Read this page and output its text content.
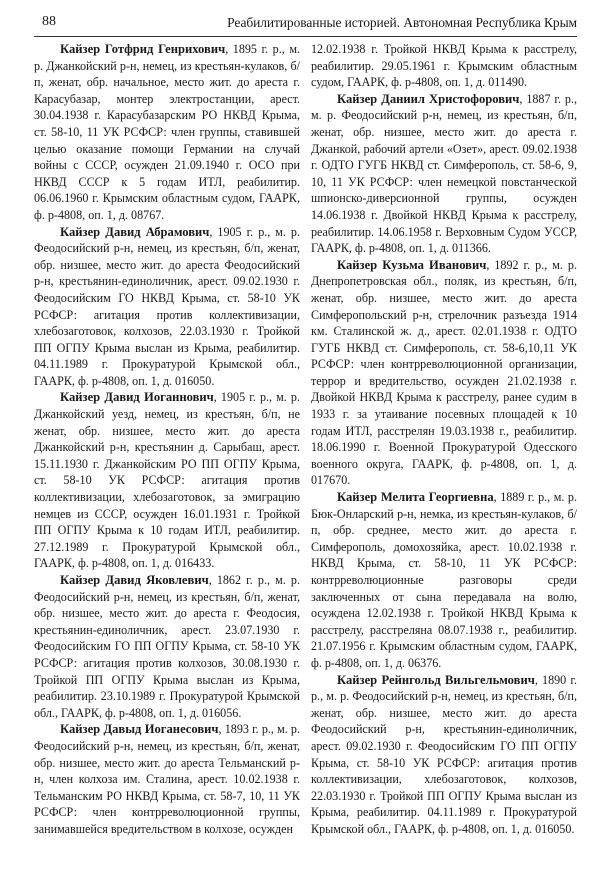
88	Реабилитированные историей. Автономная Республика Крым

Кайзер Готфрид Генрихович, 1895 г. р., м. р. Джанкойский р-н, немец, из крестьян-кулаков, б/п, женат, обр. начальное, место жит. до ареста г. Карасубазар, монтер электростанции, арест. 30.04.1938 г. Карасубазарским РО НКВД Крыма, ст. 58-10, 11 УК РСФСР: член группы, ставившей целью оказание помощи Германии на случай войны с СССР, осужден 21.09.1940 г. ОСО при НКВД СССР к 5 годам ИТЛ, реабилитир. 06.06.1960 г. Крымским областным судом, ГААРК, ф. р-4808, оп. 1, д. 08767.

Кайзер Давид Абрамович, 1905 г. р., м. р. Феодосийский р-н, немец, из крестьян, б/п, женат, обр. низшее, место жит. до ареста Феодосийский р-н, крестьянин-единоличник, арест. 09.02.1930 г. Феодосийским ГО НКВД Крыма, ст. 58-10 УК РСФСР: агитация против коллективизации, хлебозаготовок, колхозов, 22.03.1930 г. Тройкой ПП ОГПУ Крыма выслан из Крыма, реабилитир. 04.11.1989 г. Прокуратурой Крымской обл., ГААРК, ф. р-4808, оп. 1, д. 016050.

Кайзер Давид Иоганнович, 1905 г. р., м. р. Джанкойский уезд, немец, из крестьян, б/п, не женат, обр. низшее, место жит. до ареста Джанкойский р-н, крестьянин д. Сарыбаш, арест. 15.11.1930 г. Джанкойским РО ПП ОГПУ Крыма, ст. 58-10 УК РСФСР: агитация против коллективизации, хлебозаготовок, за эмиграцию немцев из СССР, осужден 16.01.1931 г. Тройкой ПП ОГПУ Крыма к 10 годам ИТЛ, реабилитир. 27.12.1989 г. Прокуратурой Крымской обл., ГААРК, ф. р-4808, оп. 1, д. 016433.

Кайзер Давид Яковлевич, 1862 г. р., м. р. Феодосийский р-н, немец, из крестьян, б/п, женат, обр. низшее, место жит. до ареста г. Феодосия, крестьянин-единоличник, арест. 23.07.1930 г. Феодосийским ГО ПП ОГПУ Крыма, ст. 58-10 УК РСФСР: агитация против колхозов, 30.08.1930 г. Тройкой ПП ОГПУ Крыма выслан из Крыма, реабилитир. 23.10.1989 г. Прокуратурой Крымской обл., ГААРК, ф. р-4808, оп. 1, д. 016056.

Кайзер Давыд Иоганесович, 1893 г. р., м. р. Феодосийский р-н, немец, из крестьян, б/п, женат, обр. низшее, место жит. до ареста Тельманский р-н, член колхоза им. Сталина, арест. 10.02.1938 г. Тельманским РО НКВД Крыма, ст. 58-7, 10, 11 УК РСФСР: член контрреволюционной группы, занимавшейся вредительством в колхозе, осужден

12.02.1938 г. Тройкой НКВД Крыма к расстрелу, реабилитир. 29.05.1961 г. Крымским областным судом, ГААРК, ф. р-4808, оп. 1, д. 011490.

Кайзер Даниил Христофорович, 1887 г. р., м. р. Феодосийский р-н, немец, из крестьян, б/п, женат, обр. низшее, место жит. до ареста г. Джанкой, рабочий артели «Озет», арест. 09.02.1938 г. ОДТО ГУГБ НКВД ст. Симферополь, ст. 58-6, 9, 10, 11 УК РСФСР: член немецкой повстанческой шпионско-диверсионной группы, осужден 14.06.1938 г. Двойкой НКВД Крыма к расстрелу, реабилитир. 14.06.1958 г. Верховным Судом УССР, ГААРК, ф. р-4808, оп. 1, д. 011366.

Кайзер Кузьма Иванович, 1892 г. р., м. р. Днепропетровская обл., поляк, из крестьян, б/п, женат, обр. низшее, место жит. до ареста Симферопольский р-н, стрелочник разъезда 1914 км. Сталинской ж. д., арест. 02.01.1938 г. ОДТО ГУГБ НКВД ст. Симферополь, ст. 58-6,10,11 УК РСФСР: член контрреволюционной организации, террор и вредительство, осужден 21.02.1938 г. Двойкой НКВД Крыма к расстрелу, ранее судим в 1933 г. за утаивание посевных площадей к 10 годам ИТЛ, расстрелян 19.03.1938 г., реабилитир. 18.06.1990 г. Военной Прокуратурой Одесского военного округа, ГААРК, ф. р-4808, оп. 1, д. 017670.

Кайзер Мелита Георгиевна, 1889 г. р., м. р. Бюк-Онларский р-н, немка, из крестьян-кулаков, б/п, обр. среднее, место жит. до ареста г. Симферополь, домохозяйка, арест. 10.02.1938 г. НКВД Крыма, ст. 58-10, 11 УК РСФСР: контрреволюционные разговоры среди заключенных от сына передавала на волю, осуждена 12.02.1938 г. Тройкой НКВД Крыма к расстрелу, расстреляна 08.07.1938 г., реабилитир. 21.07.1956 г. Крымским областным судом, ГААРК, ф. р-4808, оп. 1, д. 06376.

Кайзер Рейнгольд Вильгельмович, 1890 г. р., м. р. Феодосийский р-н, немец, из крестьян, б/п, женат, обр. низшее, место жит. до ареста Феодосийский р-н, крестьянин-единоличник, арест. 09.02.1930 г. Феодосийским ГО ПП ОГПУ Крыма, ст. 58-10 УК РСФСР: агитация против коллективизации, хлебозаготовок, колхозов, 22.03.1930 г. Тройкой ПП ОГПУ Крыма выслан из Крыма, реабилитир. 04.11.1989 г. Прокуратурой Крымской обл., ГААРК, ф. р-4808, оп. 1, д. 016050.
